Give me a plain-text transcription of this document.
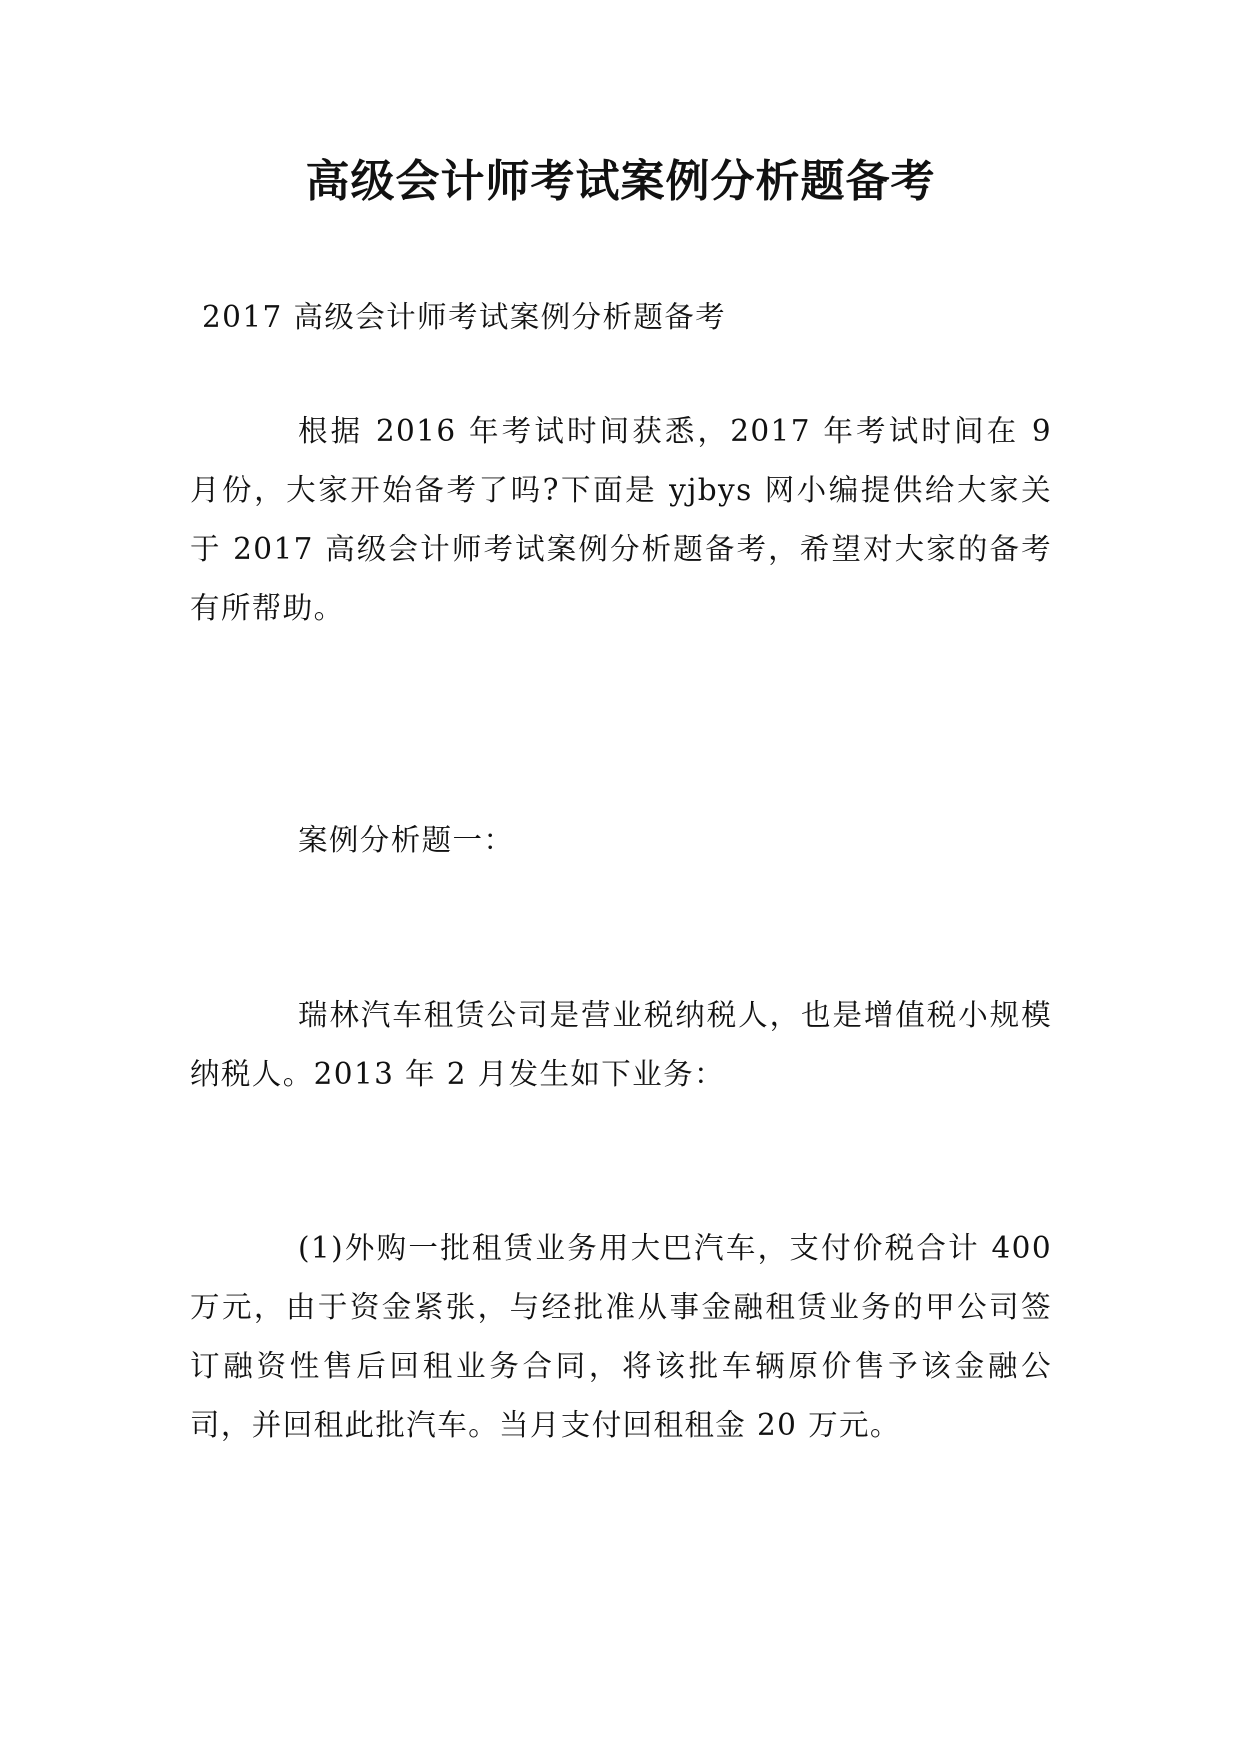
高级会计师考试案例分析题备考

2017 高级会计师考试案例分析题备考

根据 2016 年考试时间获悉，2017 年考试时间在 9 月份，大家开始备考了吗?下面是 yjbys 网小编提供给大家关于 2017 高级会计师考试案例分析题备考，希望对大家的备考有所帮助。

案例分析题一：

瑞林汽车租赁公司是营业税纳税人，也是增值税小规模纳税人。2013 年 2 月发生如下业务：

(1)外购一批租赁业务用大巴汽车，支付价税合计 400 万元，由于资金紧张，与经批准从事金融租赁业务的甲公司签订融资性售后回租业务合同，将该批车辆原价售予该金融公司，并回租此批汽车。当月支付回租租金 20 万元。
